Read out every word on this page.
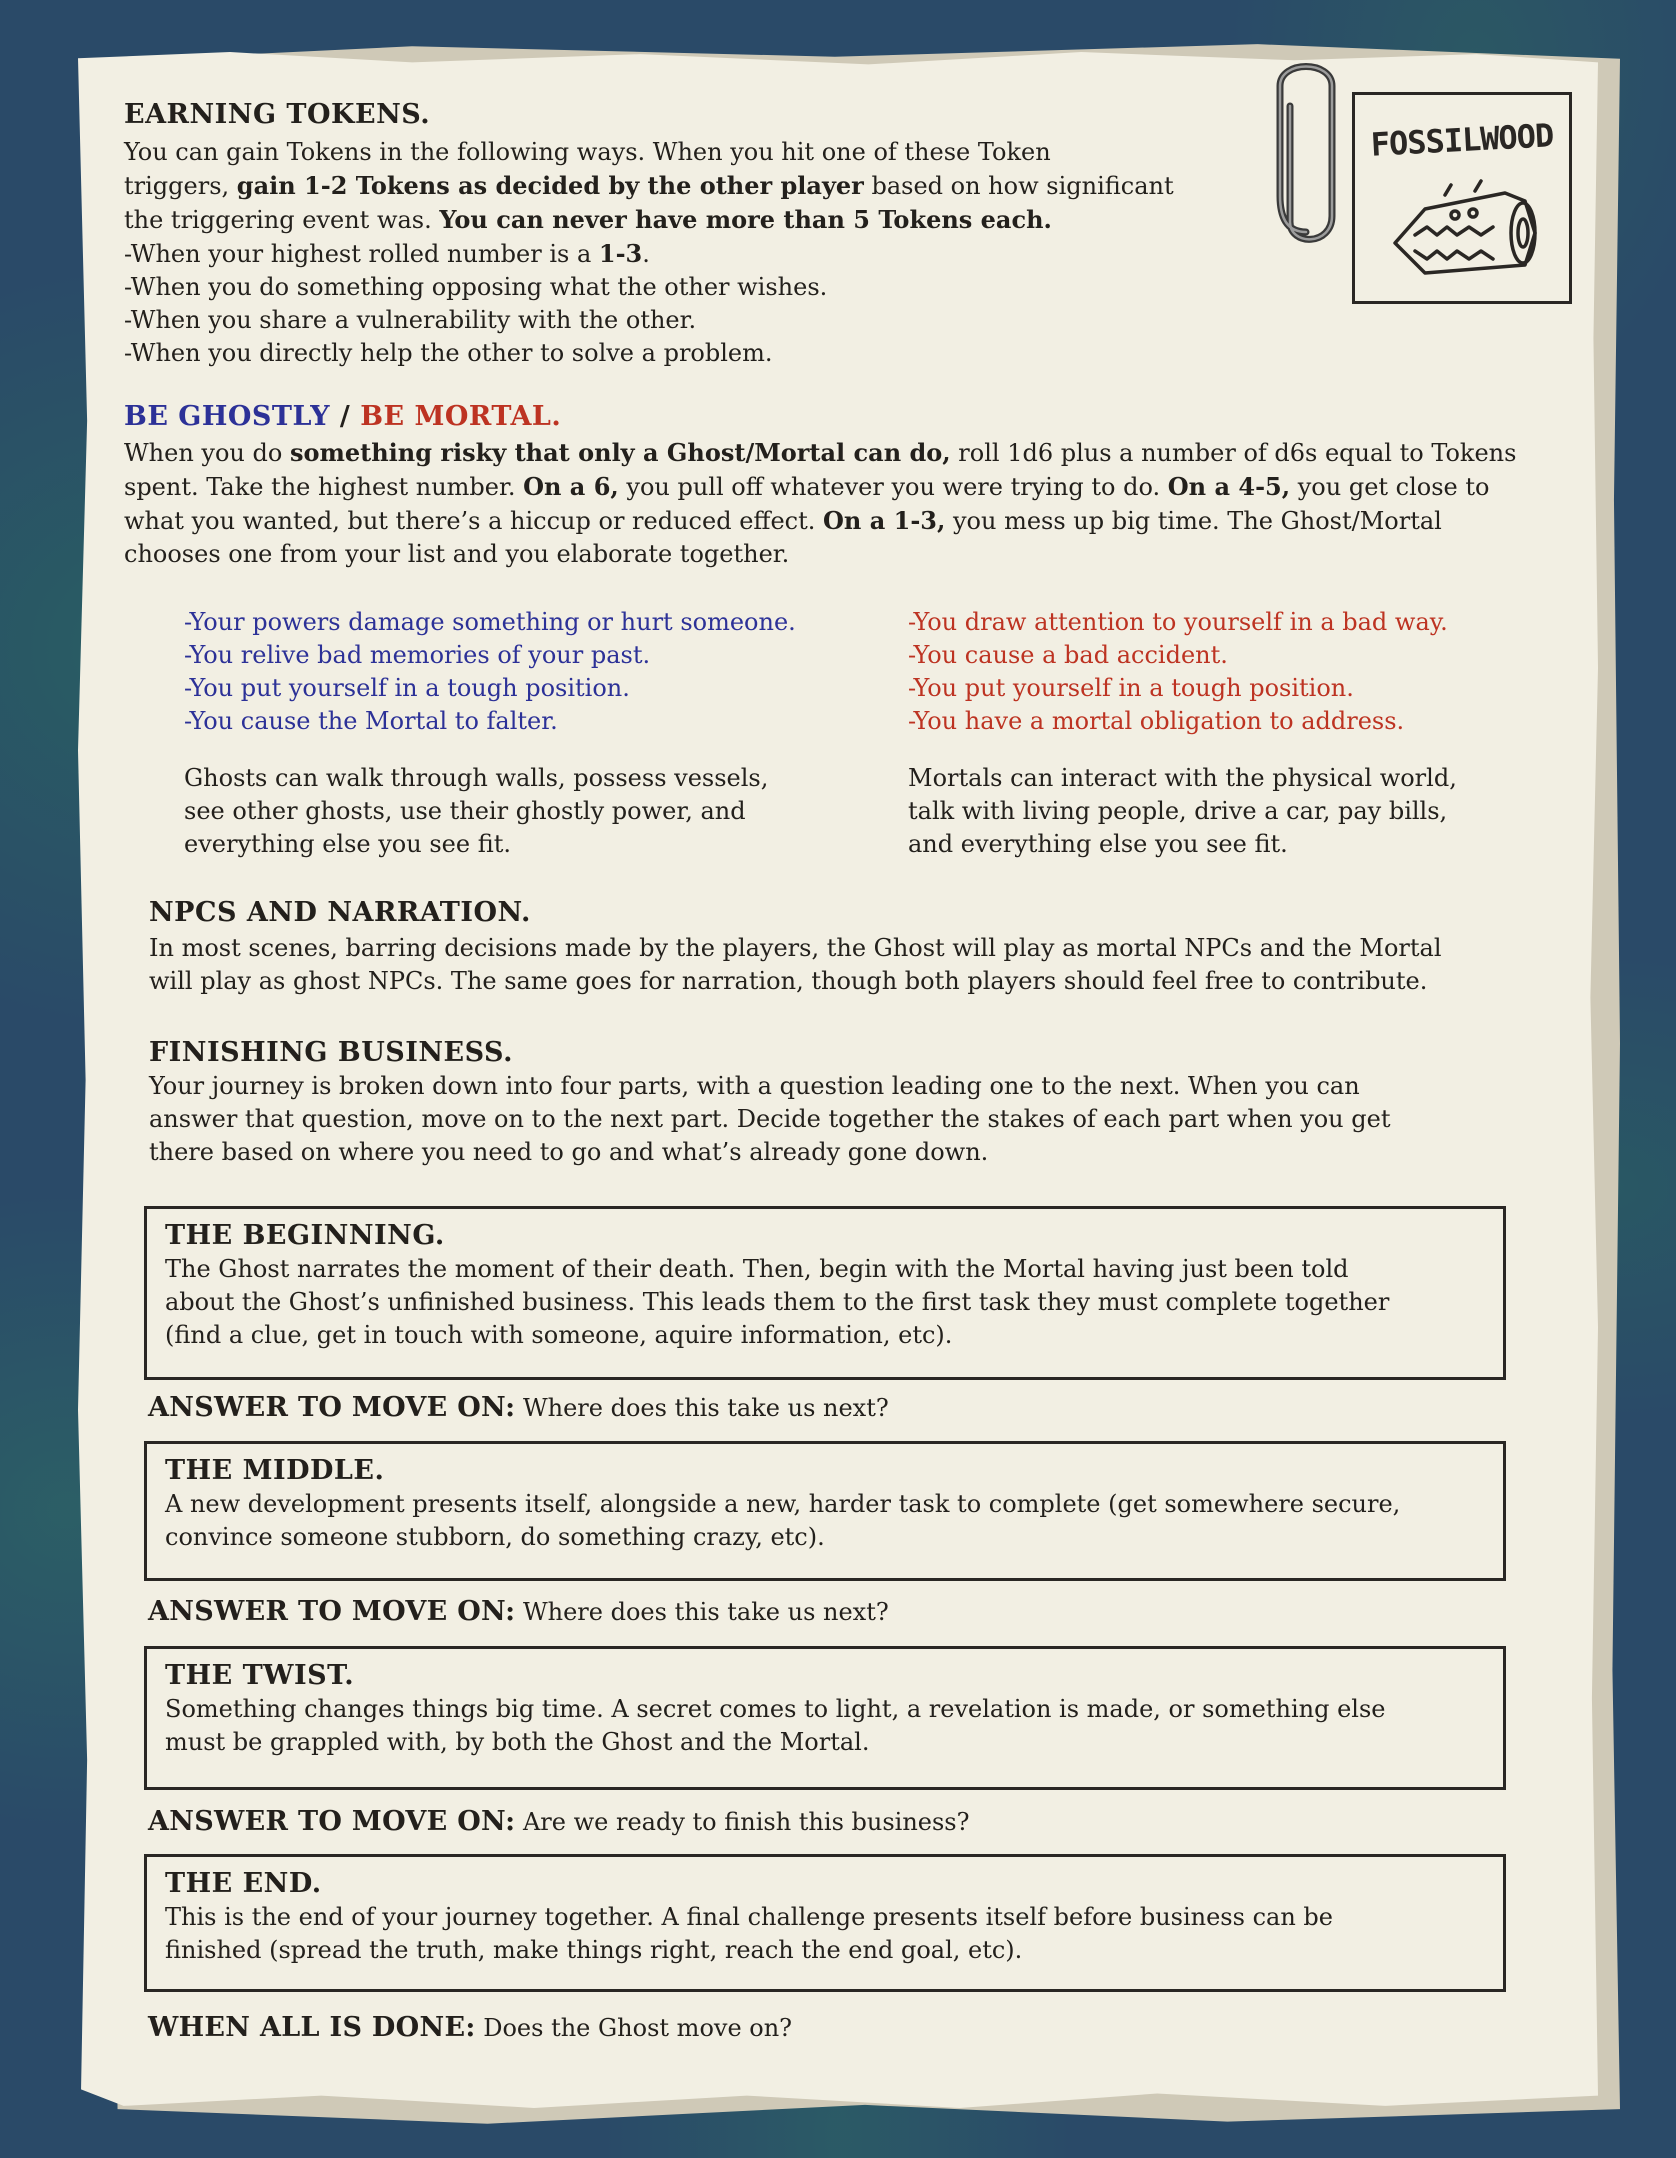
FOSSILWOOD
EARNING TOKENS.
You can gain Tokens in the following ways. When you hit one of these Token
triggers, gain 1-2 Tokens as decided by the other player based on how significant
the triggering event was. You can never have more than 5 Tokens each.
-When your highest rolled number is a 1-3.
-When you do something opposing what the other wishes.
-When you share a vulnerability with the other.
-When you directly help the other to solve a problem.
BE GHOSTLY / BE MORTAL.
When you do something risky that only a Ghost/Mortal can do, roll 1d6 plus a number of d6s equal to Tokens
spent. Take the highest number. On a 6, you pull off whatever you were trying to do. On a 4-5, you get close to
what you wanted, but there’s a hiccup or reduced effect. On a 1-3, you mess up big time. The Ghost/Mortal
chooses one from your list and you elaborate together.
-Your powers damage something or hurt someone.
-You relive bad memories of your past.
-You put yourself in a tough position.
-You cause the Mortal to falter.
-You draw attention to yourself in a bad way.
-You cause a bad accident.
-You put yourself in a tough position.
-You have a mortal obligation to address.
Ghosts can walk through walls, possess vessels,
see other ghosts, use their ghostly power, and
everything else you see fit.
Mortals can interact with the physical world,
talk with living people, drive a car, pay bills,
and everything else you see fit.
NPCS AND NARRATION.
In most scenes, barring decisions made by the players, the Ghost will play as mortal NPCs and the Mortal
will play as ghost NPCs. The same goes for narration, though both players should feel free to contribute.
FINISHING BUSINESS.
Your journey is broken down into four parts, with a question leading one to the next. When you can
answer that question, move on to the next part. Decide together the stakes of each part when you get
there based on where you need to go and what’s already gone down.
THE BEGINNING.
The Ghost narrates the moment of their death. Then, begin with the Mortal having just been told
about the Ghost’s unfinished business. This leads them to the first task they must complete together
(find a clue, get in touch with someone, aquire information, etc).
ANSWER TO MOVE ON: Where does this take us next?
THE MIDDLE.
A new development presents itself, alongside a new, harder task to complete (get somewhere secure,
convince someone stubborn, do something crazy, etc).
ANSWER TO MOVE ON: Where does this take us next?
THE TWIST.
Something changes things big time. A secret comes to light, a revelation is made, or something else
must be grappled with, by both the Ghost and the Mortal.
ANSWER TO MOVE ON: Are we ready to finish this business?
THE END.
This is the end of your journey together. A final challenge presents itself before business can be
finished (spread the truth, make things right, reach the end goal, etc).
WHEN ALL IS DONE: Does the Ghost move on?
